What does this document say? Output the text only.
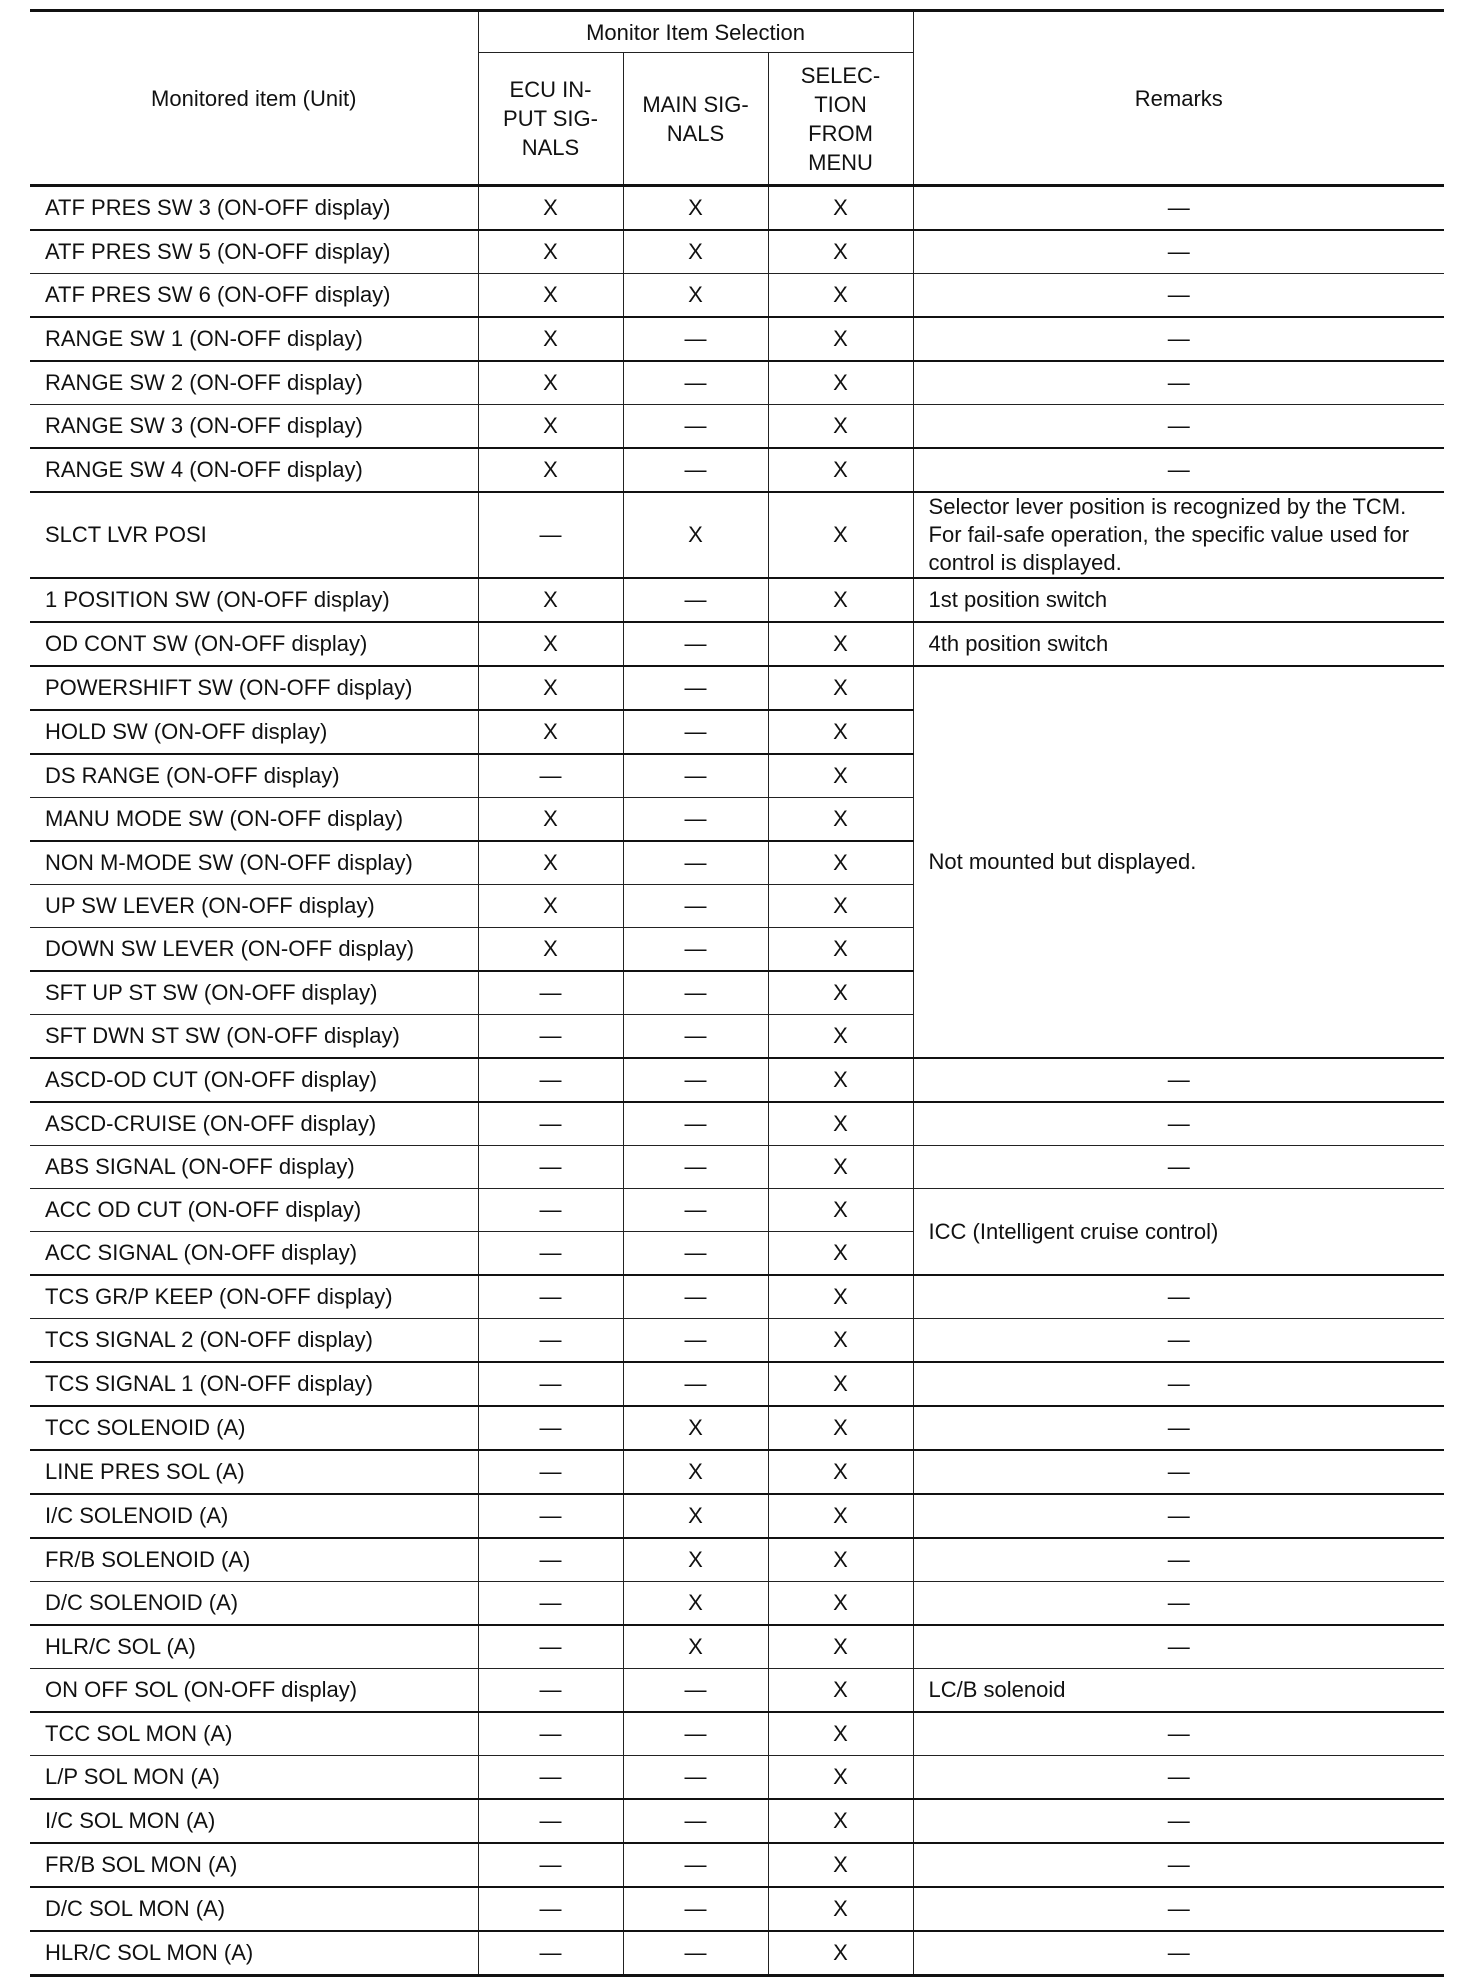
Monitored item (Unit)	Monitor Item Selection			Remarks
	ECU IN-
PUT SIG-
NALS	MAIN SIG-
NALS	SELEC-
TION
FROM
MENU	
ATF PRES SW 3 (ON-OFF display)	X	X	X	—
ATF PRES SW 5 (ON-OFF display)	X	X	X	—
ATF PRES SW 6 (ON-OFF display)	X	X	X	—
RANGE SW 1 (ON-OFF display)	X	—	X	—
RANGE SW 2 (ON-OFF display)	X	—	X	—
RANGE SW 3 (ON-OFF display)	X	—	X	—
RANGE SW 4 (ON-OFF display)	X	—	X	—
SLCT LVR POSI	—	X	X	Selector lever position is recognized by the TCM. For fail-safe operation, the specific value used for control is displayed.
1 POSITION SW (ON-OFF display)	X	—	X	1st position switch
OD CONT SW (ON-OFF display)	X	—	X	4th position switch
POWERSHIFT SW (ON-OFF display)	X	—	X	Not mounted but displayed.
HOLD SW (ON-OFF display)	X	—	X	
DS RANGE (ON-OFF display)	—	—	X	
MANU MODE SW (ON-OFF display)	X	—	X	
NON M-MODE SW (ON-OFF display)	X	—	X	
UP SW LEVER (ON-OFF display)	X	—	X	
DOWN SW LEVER (ON-OFF display)	X	—	X	
SFT UP ST SW (ON-OFF display)	—	—	X	
SFT DWN ST SW (ON-OFF display)	—	—	X	
ASCD-OD CUT (ON-OFF display)	—	—	X	—
ASCD-CRUISE (ON-OFF display)	—	—	X	—
ABS SIGNAL (ON-OFF display)	—	—	X	—
ACC OD CUT (ON-OFF display)	—	—	X	ICC (Intelligent cruise control)
ACC SIGNAL (ON-OFF display)	—	—	X	
TCS GR/P KEEP (ON-OFF display)	—	—	X	—
TCS SIGNAL 2 (ON-OFF display)	—	—	X	—
TCS SIGNAL 1 (ON-OFF display)	—	—	X	—
TCC SOLENOID (A)	—	X	X	—
LINE PRES SOL (A)	—	X	X	—
I/C SOLENOID (A)	—	X	X	—
FR/B SOLENOID (A)	—	X	X	—
D/C SOLENOID (A)	—	X	X	—
HLR/C SOL (A)	—	X	X	—
ON OFF SOL (ON-OFF display)	—	—	X	LC/B solenoid
TCC SOL MON (A)	—	—	X	—
L/P SOL MON (A)	—	—	X	—
I/C SOL MON (A)	—	—	X	—
FR/B SOL MON (A)	—	—	X	—
D/C SOL MON (A)	—	—	X	—
HLR/C SOL MON (A)	—	—	X	—
